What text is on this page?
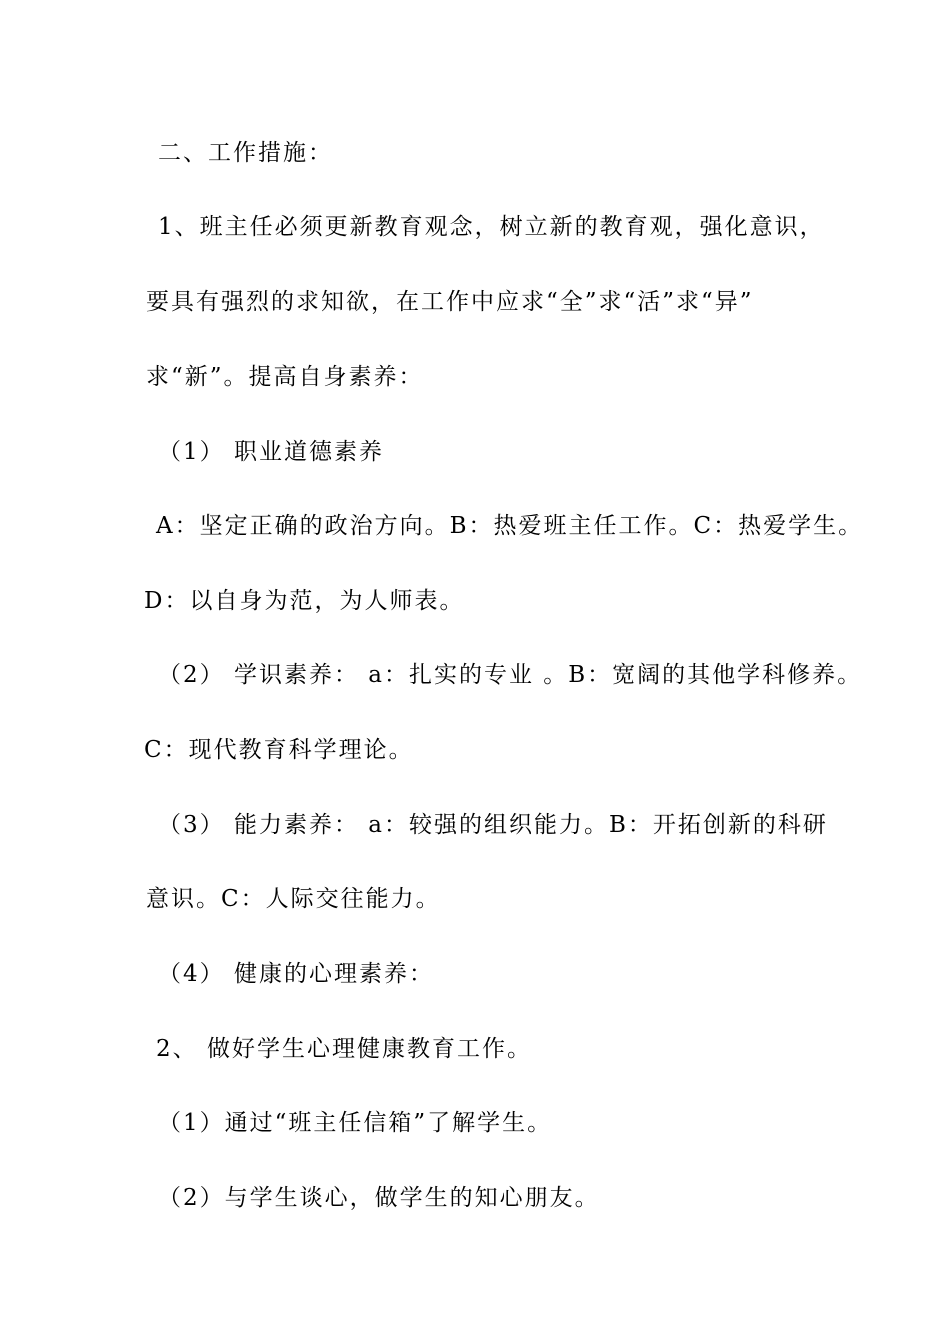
二、工作措施：
1、班主任必须更新教育观念，树立新的教育观，强化意识，
要具有强烈的求知欲，在工作中应求“全”求“活”求“异”
求“新”。提高自身素养：
（1） 职业道德素养
A：坚定正确的政治方向。B：热爱班主任工作。C：热爱学生。
D：以自身为范，为人师表。
（2） 学识素养： a：扎实的专业 。B：宽阔的其他学科修养。
C：现代教育科学理论。
（3） 能力素养： a：较强的组织能力。B：开拓创新的科研
意识。C：人际交往能力。
（4） 健康的心理素养：
2、 做好学生心理健康教育工作。
（1）通过“班主任信箱”了解学生。
（2）与学生谈心，做学生的知心朋友。
